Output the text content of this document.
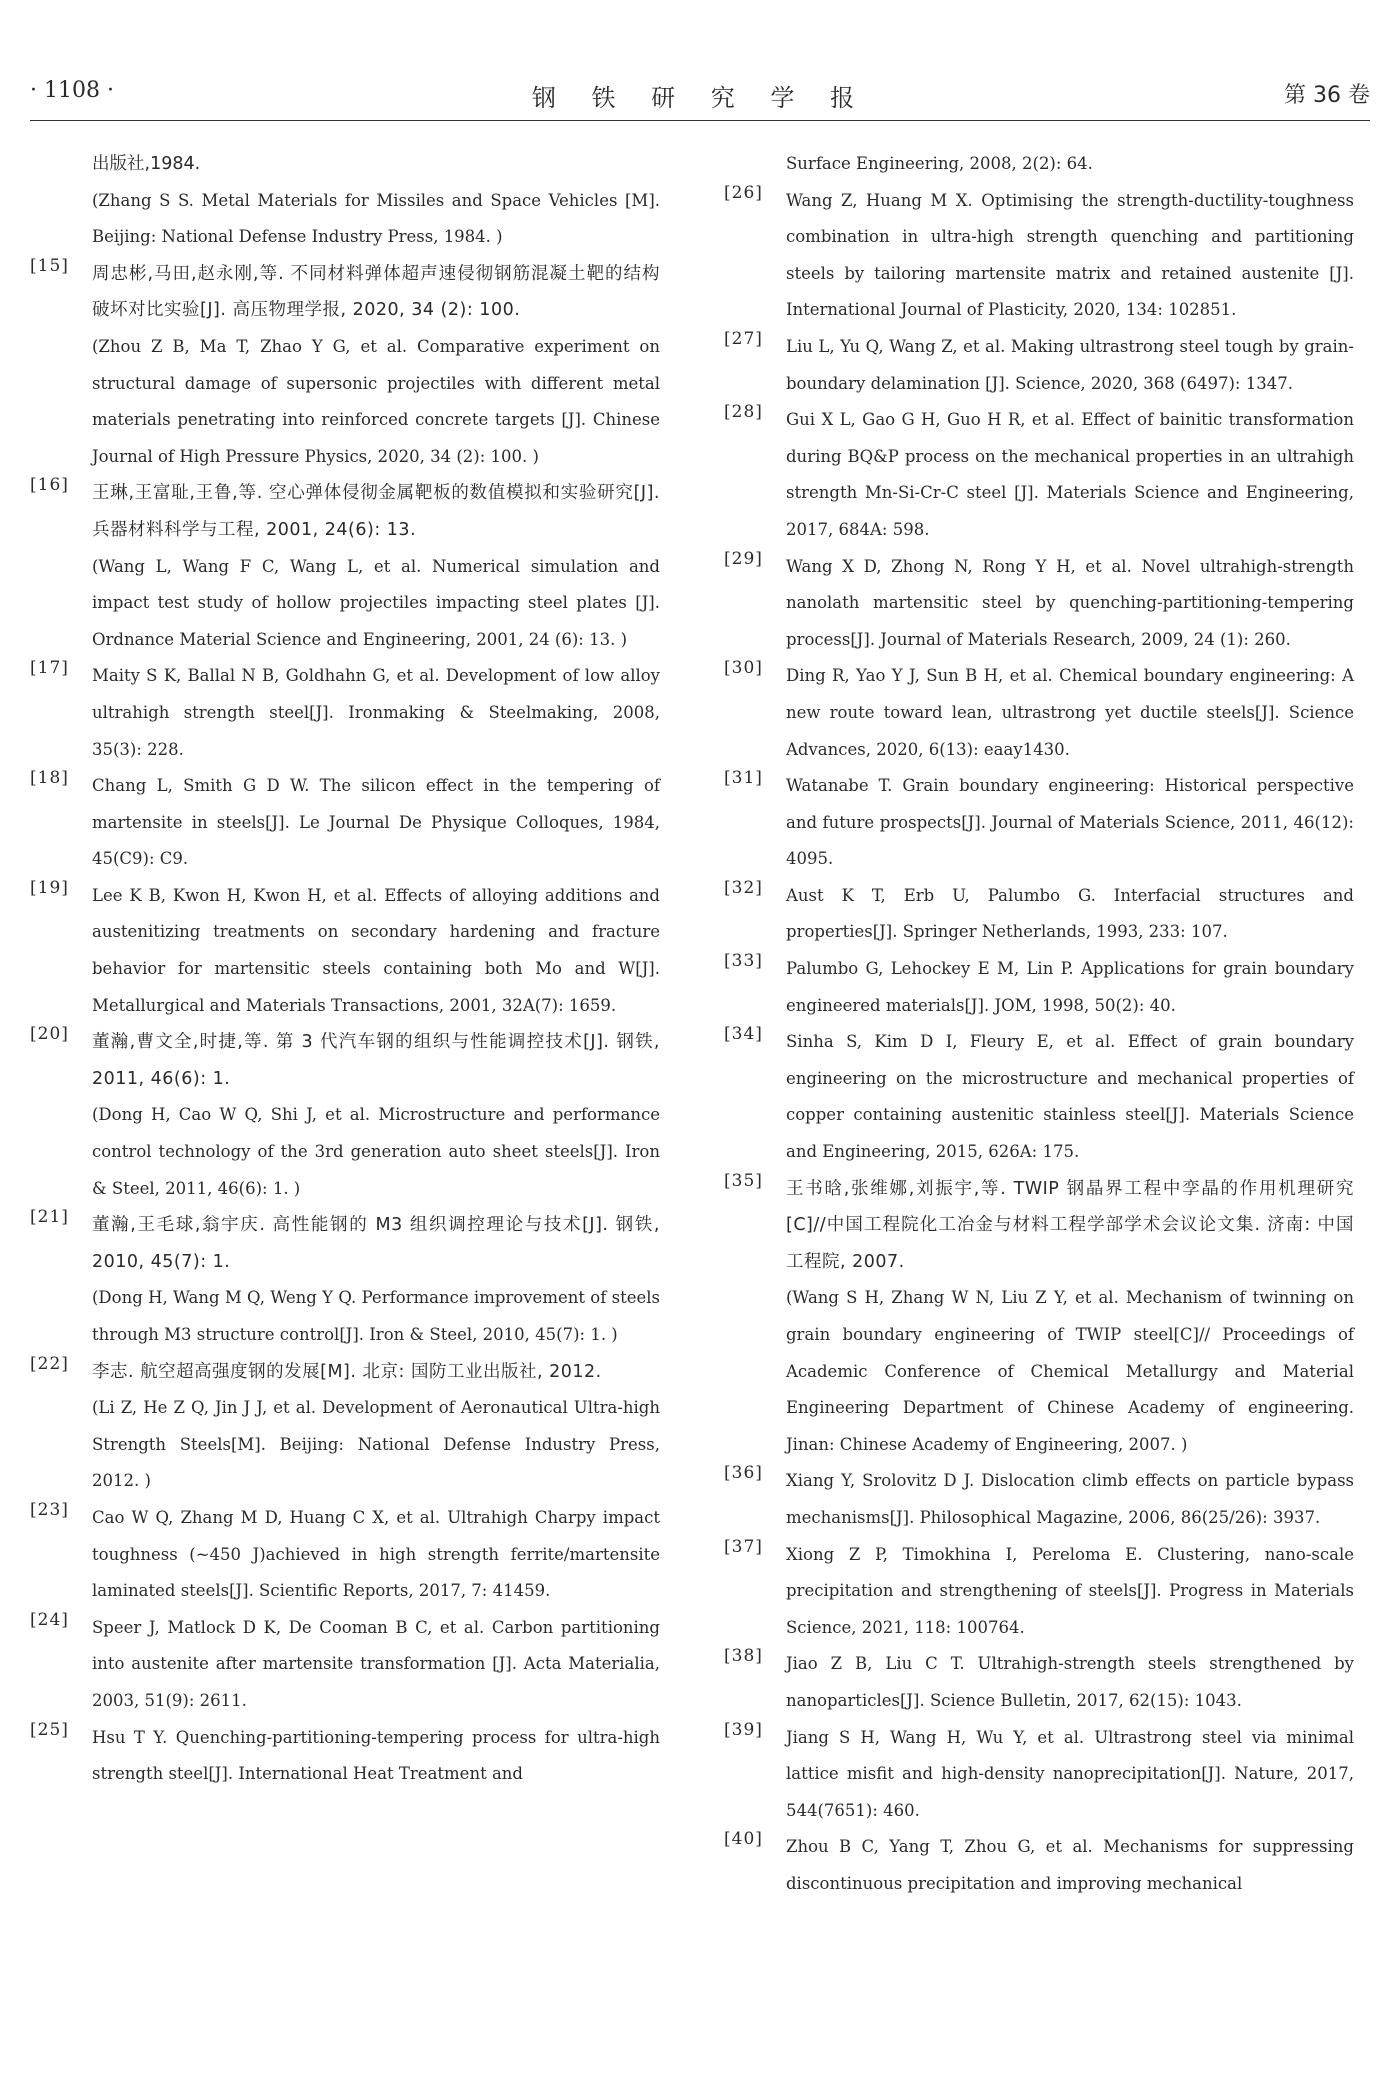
· 1108 ·	钢 铁 研 究 学 报	第 36 卷

出版社,1984.

(Zhang S S. Metal Materials for Missiles and Space Vehicles [M]. Beijing: National Defense Industry Press, 1984. )

[15] 周忠彬,马田,赵永刚,等. 不同材料弹体超声速侵彻钢筋混凝土靶的结构破坏对比实验[J]. 高压物理学报, 2020, 34 (2): 100.

(Zhou Z B, Ma T, Zhao Y G, et al. Comparative experiment on structural damage of supersonic projectiles with different metal materials penetrating into reinforced concrete targets [J]. Chinese Journal of High Pressure Physics, 2020, 34 (2): 100. )

[16] 王琳,王富耻,王鲁,等. 空心弹体侵彻金属靶板的数值模拟和实验研究[J]. 兵器材料科学与工程, 2001, 24(6): 13.

(Wang L, Wang F C, Wang L, et al. Numerical simulation and impact test study of hollow projectiles impacting steel plates [J]. Ordnance Material Science and Engineering, 2001, 24 (6): 13. )

[17] Maity S K, Ballal N B, Goldhahn G, et al. Development of low alloy ultrahigh strength steel[J]. Ironmaking & Steelmaking, 2008, 35(3): 228.

[18] Chang L, Smith G D W. The silicon effect in the tempering of martensite in steels[J]. Le Journal De Physique Colloques, 1984, 45(C9): C9.

[19] Lee K B, Kwon H, Kwon H, et al. Effects of alloying additions and austenitizing treatments on secondary hardening and fracture behavior for martensitic steels containing both Mo and W[J]. Metallurgical and Materials Transactions, 2001, 32A(7): 1659.

[20] 董瀚,曹文全,时捷,等. 第 3 代汽车钢的组织与性能调控技术[J]. 钢铁, 2011, 46(6): 1.

(Dong H, Cao W Q, Shi J, et al. Microstructure and performance control technology of the 3rd generation auto sheet steels[J]. Iron & Steel, 2011, 46(6): 1. )

[21] 董瀚,王毛球,翁宇庆. 高性能钢的 M3 组织调控理论与技术[J]. 钢铁, 2010, 45(7): 1.

(Dong H, Wang M Q, Weng Y Q. Performance improvement of steels through M3 structure control[J]. Iron & Steel, 2010, 45(7): 1. )

[22] 李志. 航空超高强度钢的发展[M]. 北京: 国防工业出版社, 2012.

(Li Z, He Z Q, Jin J J, et al. Development of Aeronautical Ultra-high Strength Steels[M]. Beijing: National Defense Industry Press, 2012. )

[23] Cao W Q, Zhang M D, Huang C X, et al. Ultrahigh Charpy impact toughness (~450 J)achieved in high strength ferrite/martensite laminated steels[J]. Scientific Reports, 2017, 7: 41459.

[24] Speer J, Matlock D K, De Cooman B C, et al. Carbon partitioning into austenite after martensite transformation [J]. Acta Materialia, 2003, 51(9): 2611.

[25] Hsu T Y. Quenching-partitioning-tempering process for ultra-high strength steel[J]. International Heat Treatment and

Surface Engineering, 2008, 2(2): 64.

[26] Wang Z, Huang M X. Optimising the strength-ductility-toughness combination in ultra-high strength quenching and partitioning steels by tailoring martensite matrix and retained austenite [J]. International Journal of Plasticity, 2020, 134: 102851.

[27] Liu L, Yu Q, Wang Z, et al. Making ultrastrong steel tough by grain-boundary delamination [J]. Science, 2020, 368 (6497): 1347.

[28] Gui X L, Gao G H, Guo H R, et al. Effect of bainitic transformation during BQ&P process on the mechanical properties in an ultrahigh strength Mn-Si-Cr-C steel [J]. Materials Science and Engineering, 2017, 684A: 598.

[29] Wang X D, Zhong N, Rong Y H, et al. Novel ultrahigh-strength nanolath martensitic steel by quenching-partitioning-tempering process[J]. Journal of Materials Research, 2009, 24 (1): 260.

[30] Ding R, Yao Y J, Sun B H, et al. Chemical boundary engineering: A new route toward lean, ultrastrong yet ductile steels[J]. Science Advances, 2020, 6(13): eaay1430.

[31] Watanabe T. Grain boundary engineering: Historical perspective and future prospects[J]. Journal of Materials Science, 2011, 46(12): 4095.

[32] Aust K T, Erb U, Palumbo G. Interfacial structures and properties[J]. Springer Netherlands, 1993, 233: 107.

[33] Palumbo G, Lehockey E M, Lin P. Applications for grain boundary engineered materials[J]. JOM, 1998, 50(2): 40.

[34] Sinha S, Kim D I, Fleury E, et al. Effect of grain boundary engineering on the microstructure and mechanical properties of copper containing austenitic stainless steel[J]. Materials Science and Engineering, 2015, 626A: 175.

[35] 王书晗,张维娜,刘振宇,等. TWIP 钢晶界工程中孪晶的作用机理研究[C]//中国工程院化工冶金与材料工程学部学术会议论文集. 济南: 中国工程院, 2007.

(Wang S H, Zhang W N, Liu Z Y, et al. Mechanism of twinning on grain boundary engineering of TWIP steel[C]// Proceedings of Academic Conference of Chemical Metallurgy and Material Engineering Department of Chinese Academy of engineering. Jinan: Chinese Academy of Engineering, 2007. )

[36] Xiang Y, Srolovitz D J. Dislocation climb effects on particle bypass mechanisms[J]. Philosophical Magazine, 2006, 86(25/26): 3937.

[37] Xiong Z P, Timokhina I, Pereloma E. Clustering, nano-scale precipitation and strengthening of steels[J]. Progress in Materials Science, 2021, 118: 100764.

[38] Jiao Z B, Liu C T. Ultrahigh-strength steels strengthened by nanoparticles[J]. Science Bulletin, 2017, 62(15): 1043.

[39] Jiang S H, Wang H, Wu Y, et al. Ultrastrong steel via minimal lattice misfit and high-density nanoprecipitation[J]. Nature, 2017, 544(7651): 460.

[40] Zhou B C, Yang T, Zhou G, et al. Mechanisms for suppressing discontinuous precipitation and improving mechanical
